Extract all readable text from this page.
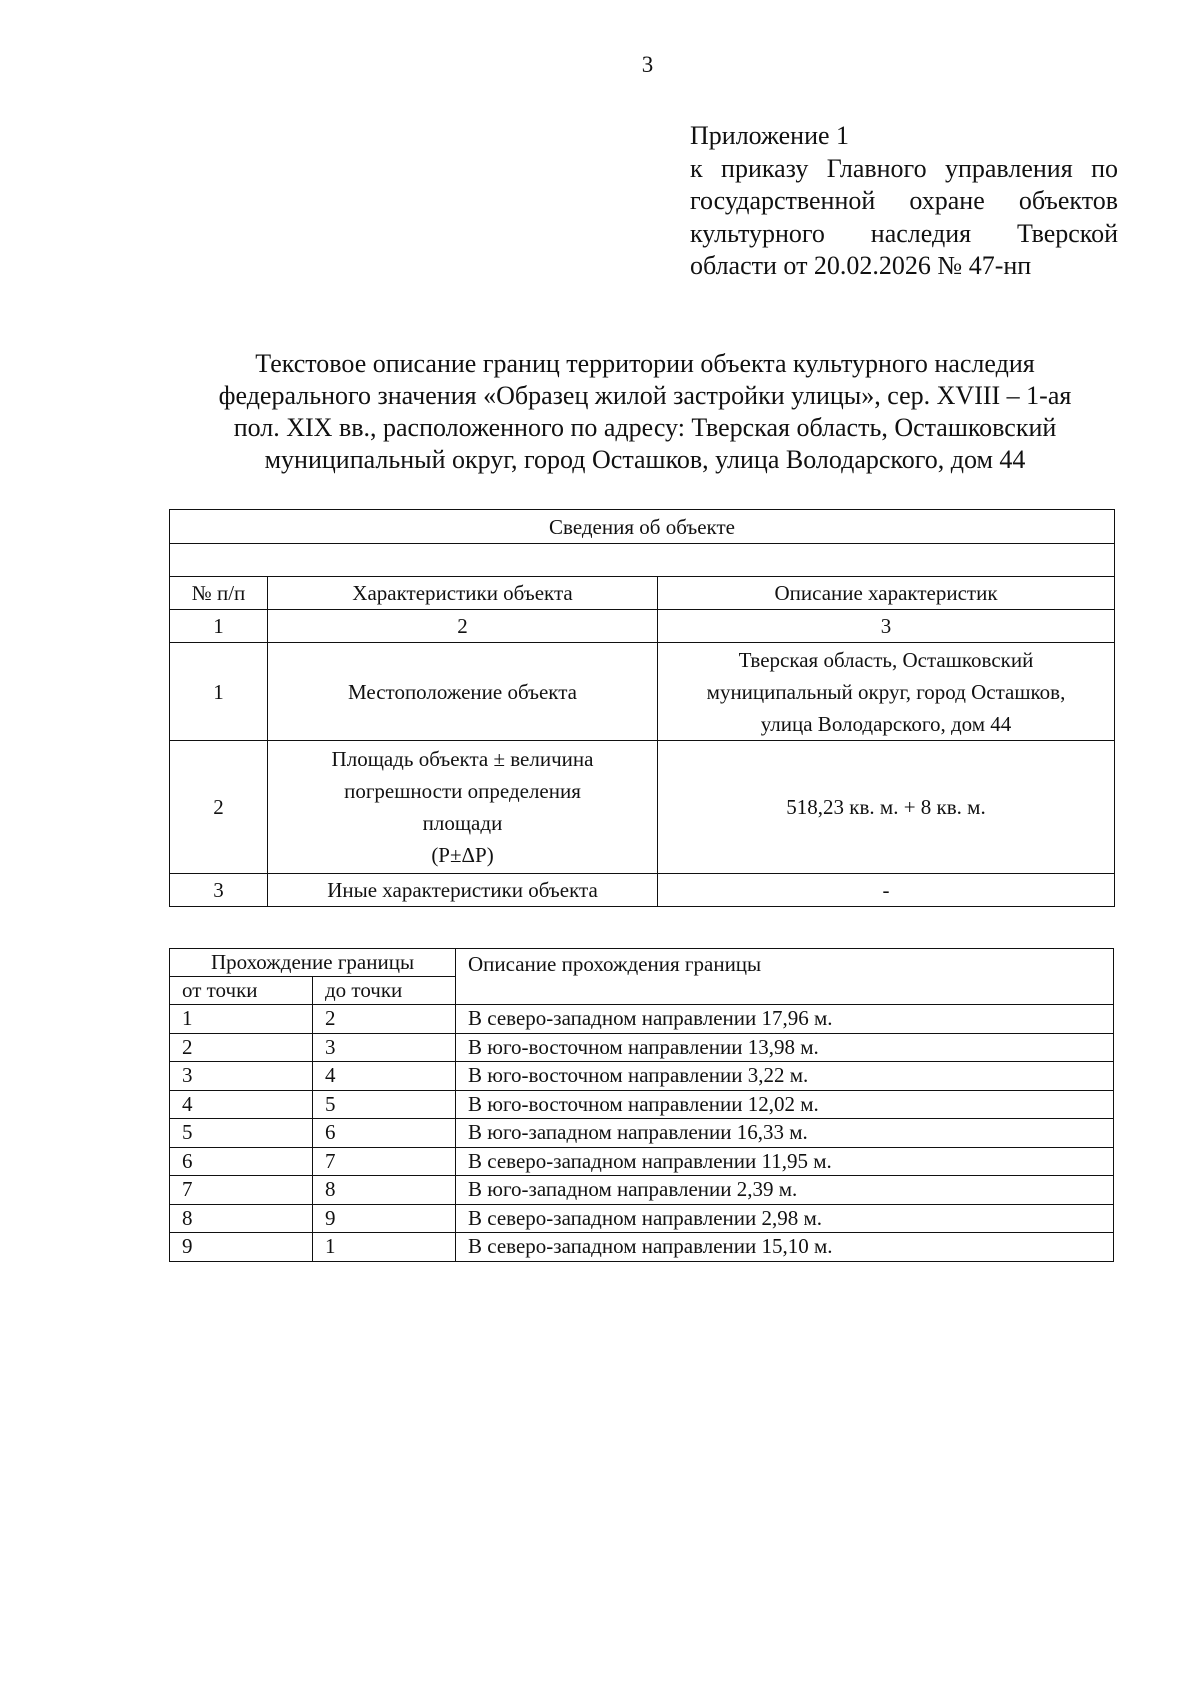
3
Приложение 1
к приказу Главного управления по
государственной охране объектов
культурного наследия Тверской
области от 20.02.2026 № 47-нп
Текстовое описание границ территории объекта культурного наследия
федерального значения «Образец жилой застройки улицы», сер. XVIII – 1-ая
пол. XIX вв., расположенного по адресу: Тверская область, Осташковский
муниципальный округ, город Осташков, улица Володарского, дом 44
Сведения об объекте		

№ п/п	Характеристики объекта	Описание характеристик
1	2	3
1	Местоположение объекта	Тверская область, Осташковский
муниципальный округ, город Осташков,
улица Володарского, дом 44

2	Площадь объекта ± величина
погрешности определения
площади
(Р±ΔР)	518,23 кв. м. + 8 кв. м.

3	Иные характеристики объекта	-
Прохождение границы		Описание прохождения границы
от точки	до точки	
1	2	В северо-западном направлении 17,96 м.
2	3	В юго-восточном направлении 13,98 м.
3	4	В юго-восточном направлении 3,22 м.
4	5	В юго-восточном направлении 12,02 м.
5	6	В юго-западном направлении 16,33 м.
6	7	В северо-западном направлении 11,95 м.
7	8	В юго-западном направлении 2,39 м.
8	9	В северо-западном направлении 2,98 м.
9	1	В северо-западном направлении 15,10 м.
